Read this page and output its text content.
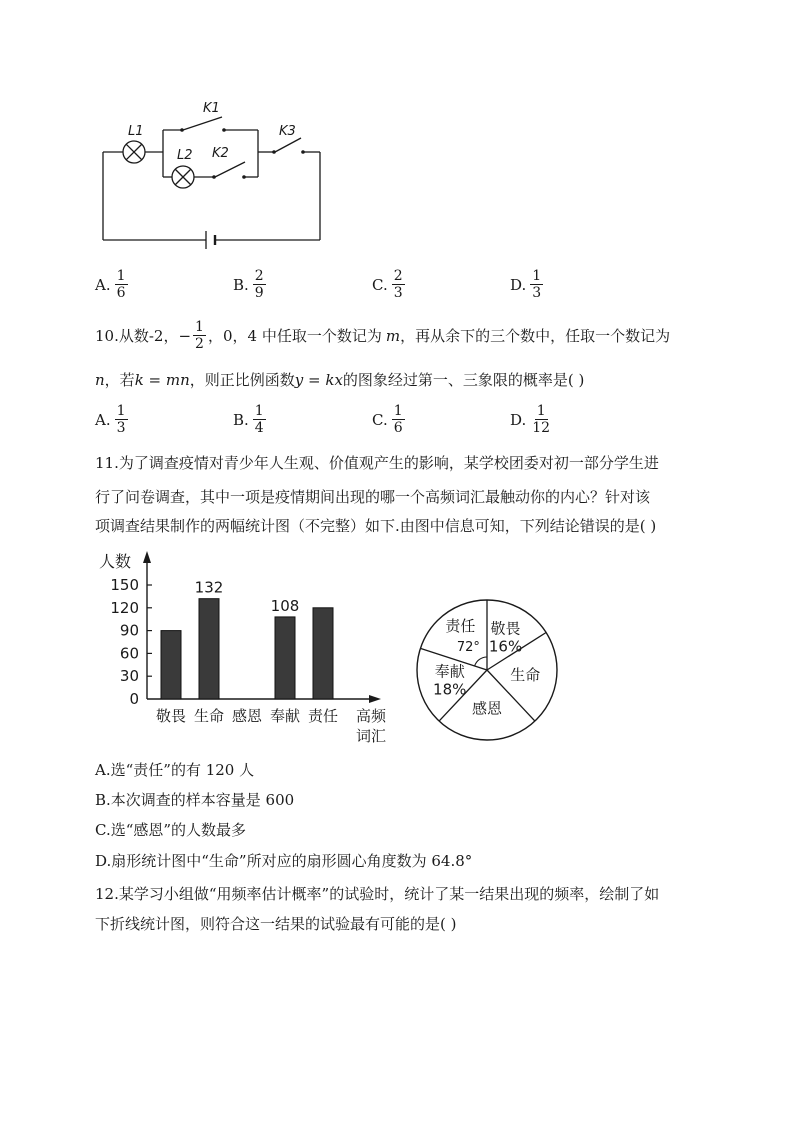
L1
K1
K3
L2 K2
A. $\frac{1}{6}$	B. $\frac{2}{9}$	C. $\frac{2}{3}$	D. $\frac{1}{3}$
10.从数-2， − $\frac{1}{2}$ ，0，4 中任取一个数记为 m ，再从余下的三个数中，任取一个数记为
n，若k = mn，则正比例函数y = kx的图象经过第一、三象限的概率是( )
A. $\frac{1}{3}$	B. $\frac{1}{4}$	C. $\frac{1}{6}$	D. $\frac{1}{12}$
11.为了调查疫情对青少年人生观、价值观产生的影响，某学校团委对初一部分学生进
行了问卷调查，其中一项是疫情期间出现的哪一个高频词汇最触动你的内心？针对该
项调查结果制作的两幅统计图（不完整）如下.由图中信息可知，下列结论错误的是( )
人数
0
30
60
90
120
150
敬畏
132
生命 感恩
108
奉献 责任 高频
词汇
敬畏
16%
生命
感恩
奉献
18%
责任
72°
A.选“责任”的有 120 人
B.本次调查的样本容量是 600
C.选“感恩”的人数最多
D.扇形统计图中“生命”所对应的扇形圆心角度数为 64.8°
12.某学习小组做“用频率估计概率”的试验时，统计了某一结果出现的频率，绘制了如
下折线统计图，则符合这一结果的试验最有可能的是( )
